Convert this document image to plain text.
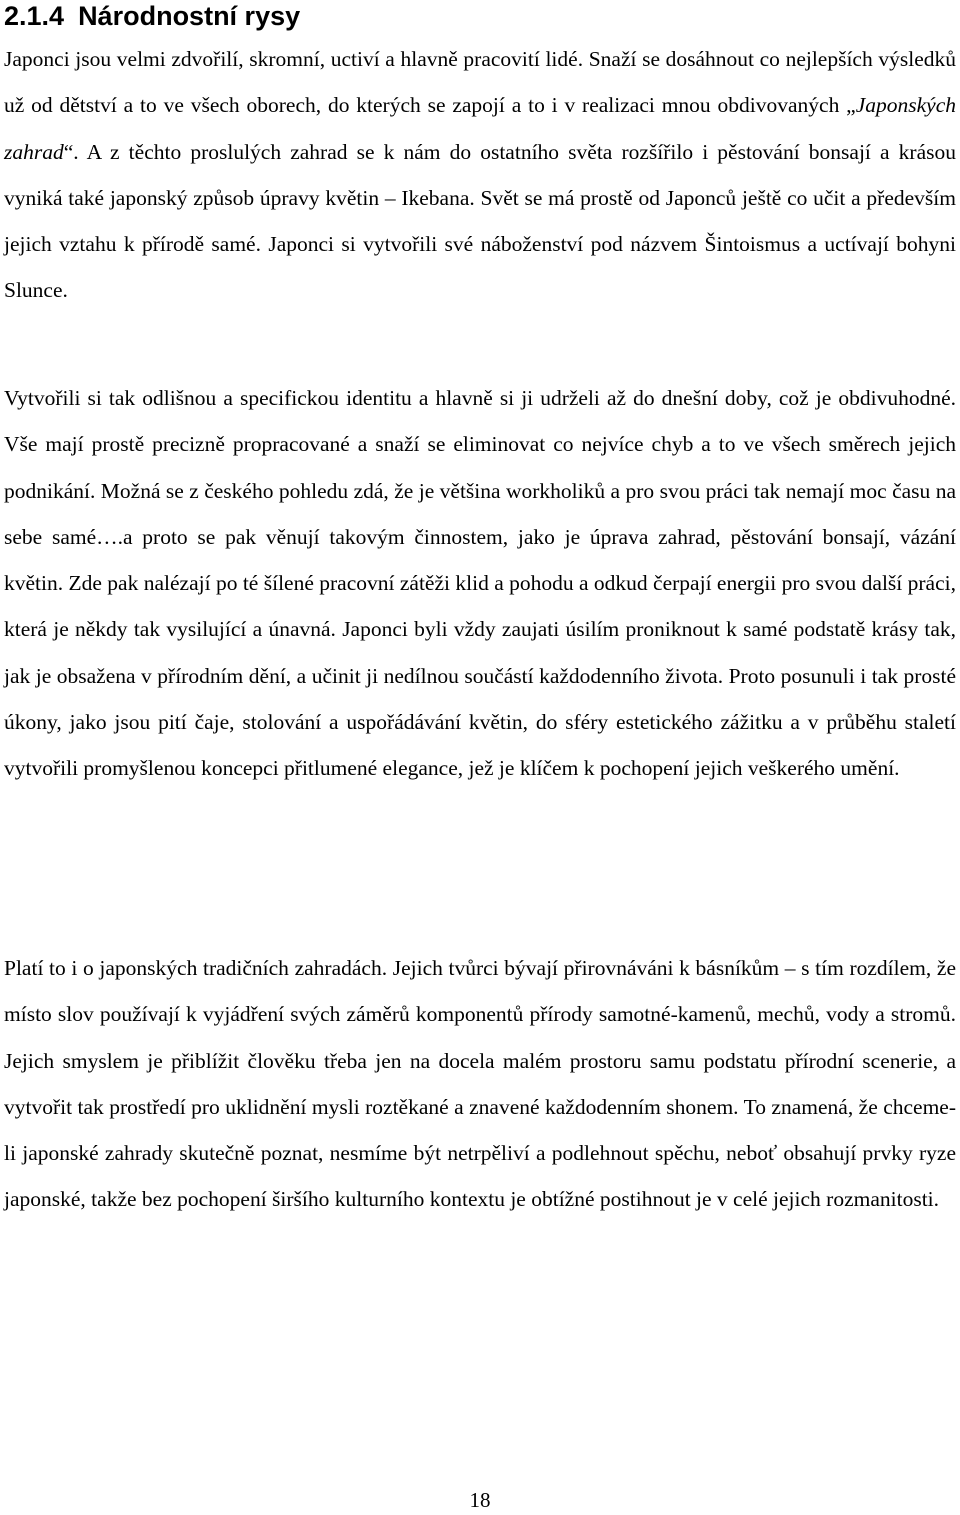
2.1.4 Národnostní rysy

Japonci jsou velmi zdvořilí, skromní, uctiví a hlavně pracovití lidé. Snaží se dosáhnout co nejlepších výsledků už od dětství a to ve všech oborech, do kterých se zapojí a to i v realizaci mnou obdivovaných „Japonských zahrad“. A z těchto proslulých zahrad se k nám do ostatního světa rozšířilo i pěstování bonsají a krásou vyniká také japonský způsob úpravy květin – Ikebana. Svět se má prostě od Japonců ještě co učit a především jejich vztahu k přírodě samé. Japonci si vytvořili své náboženství pod názvem Šintoismus a uctívají bohyni Slunce.

Vytvořili si tak odlišnou a specifickou identitu a hlavně si ji udrželi až do dnešní doby, což je obdivuhodné. Vše mají prostě precizně propracované a snaží se eliminovat co nejvíce chyb a to ve všech směrech jejich podnikání. Možná se z českého pohledu zdá, že je většina workholiků a pro svou práci tak nemají moc času na sebe samé….a proto se pak věnují takovým činnostem, jako je úprava zahrad, pěstování bonsají, vázání květin. Zde pak nalézají po té šílené pracovní zátěži klid a pohodu a odkud čerpají energii pro svou další práci, která je někdy tak vysilující a únavná. Japonci byli vždy zaujati úsilím proniknout k samé podstatě krásy tak, jak je obsažena v přírodním dění, a učinit ji nedílnou součástí každodenního života. Proto posunuli i tak prosté úkony, jako jsou pití čaje, stolování a uspořádávání květin, do sféry estetického zážitku a v průběhu staletí vytvořili promyšlenou koncepci přitlumené elegance, jež je klíčem k pochopení jejich veškerého umění.

Platí to i o japonských tradičních zahradách. Jejich tvůrci bývají přirovnáváni k básníkům – s tím rozdílem, že místo slov používají k vyjádření svých záměrů komponentů přírody samotné-kamenů, mechů, vody a stromů. Jejich smyslem je přiblížit člověku třeba jen na docela malém prostoru samu podstatu přírodní scenerie, a vytvořit tak prostředí pro uklidnění mysli roztěkané a znavené každodenním shonem. To znamená, že chceme-li japonské zahrady skutečně poznat, nesmíme být netrpěliví a podlehnout spěchu, neboť obsahují prvky ryze japonské, takže bez pochopení širšího kulturního kontextu je obtížné postihnout je v celé jejich rozmanitosti.

18
